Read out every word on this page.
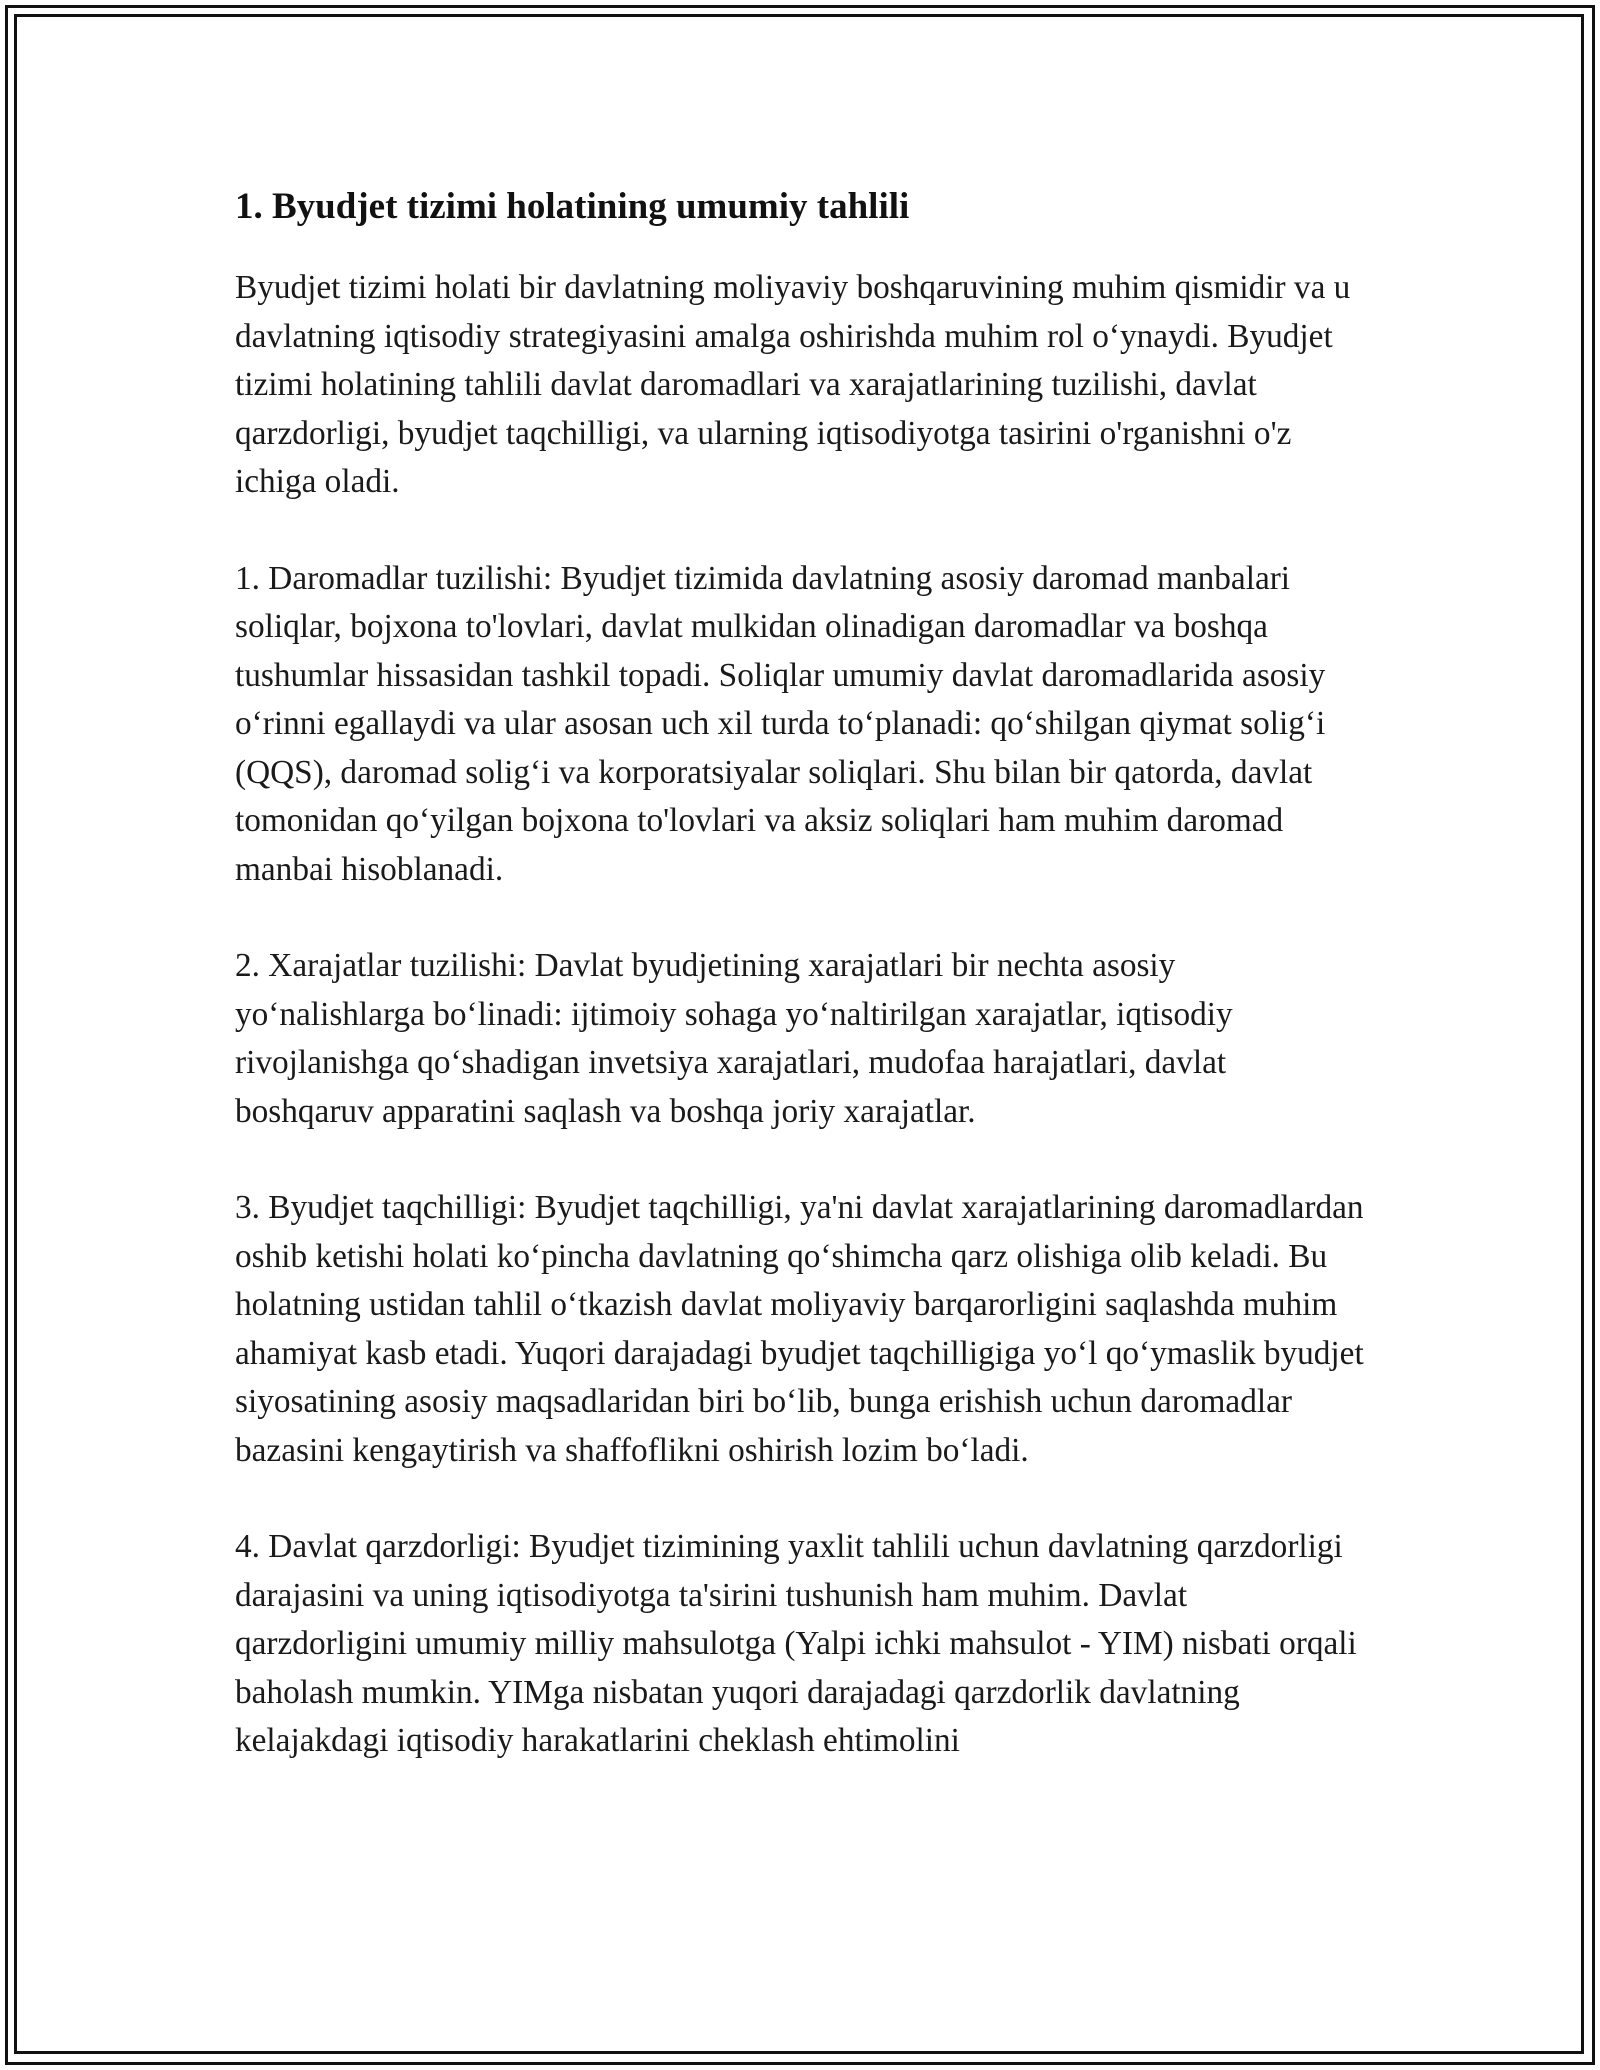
1. Byudjet tizimi holatining umumiy tahlili

Byudjet tizimi holati bir davlatning moliyaviy boshqaruvining muhim qismidir va u davlatning iqtisodiy strategiyasini amalga oshirishda muhim rol o‘ynaydi. Byudjet tizimi holatining tahlili davlat daromadlari va xarajatlarining tuzilishi, davlat qarzdorligi, byudjet taqchilligi, va ularning iqtisodiyotga tasirini o'rganishni o'z ichiga oladi.

1. Daromadlar tuzilishi: Byudjet tizimida davlatning asosiy daromad manbalari soliqlar, bojxona to'lovlari, davlat mulkidan olinadigan daromadlar va boshqa tushumlar hissasidan tashkil topadi. Soliqlar umumiy davlat daromadlarida asosiy o‘rinni egallaydi va ular asosan uch xil turda to‘planadi: qo‘shilgan qiymat solig‘i (QQS), daromad solig‘i va korporatsiyalar soliqlari. Shu bilan bir qatorda, davlat tomonidan qo‘yilgan bojxona to'lovlari va aksiz soliqlari ham muhim daromad manbai hisoblanadi.

2. Xarajatlar tuzilishi: Davlat byudjetining xarajatlari bir nechta asosiy yo‘nalishlarga bo‘linadi: ijtimoiy sohaga yo‘naltirilgan xarajatlar, iqtisodiy rivojlanishga qo‘shadigan invetsiya xarajatlari, mudofaa harajatlari, davlat boshqaruv apparatini saqlash va boshqa joriy xarajatlar.

3. Byudjet taqchilligi: Byudjet taqchilligi, ya'ni davlat xarajatlarining daromadlardan oshib ketishi holati ko‘pincha davlatning qo‘shimcha qarz olishiga olib keladi. Bu holatning ustidan tahlil o‘tkazish davlat moliyaviy barqarorligini saqlashda muhim ahamiyat kasb etadi. Yuqori darajadagi byudjet taqchilligiga yo‘l qo‘ymaslik byudjet siyosatining asosiy maqsadlaridan biri bo‘lib, bunga erishish uchun daromadlar bazasini kengaytirish va shaffoflikni oshirish lozim bo‘ladi.

4. Davlat qarzdorligi: Byudjet tizimining yaxlit tahlili uchun davlatning qarzdorligi darajasini va uning iqtisodiyotga ta'sirini tushunish ham muhim. Davlat qarzdorligini umumiy milliy mahsulotga (Yalpi ichki mahsulot - YIM) nisbati orqali baholash mumkin. YIMga nisbatan yuqori darajadagi qarzdorlik davlatning kelajakdagi iqtisodiy harakatlarini cheklash ehtimolini
